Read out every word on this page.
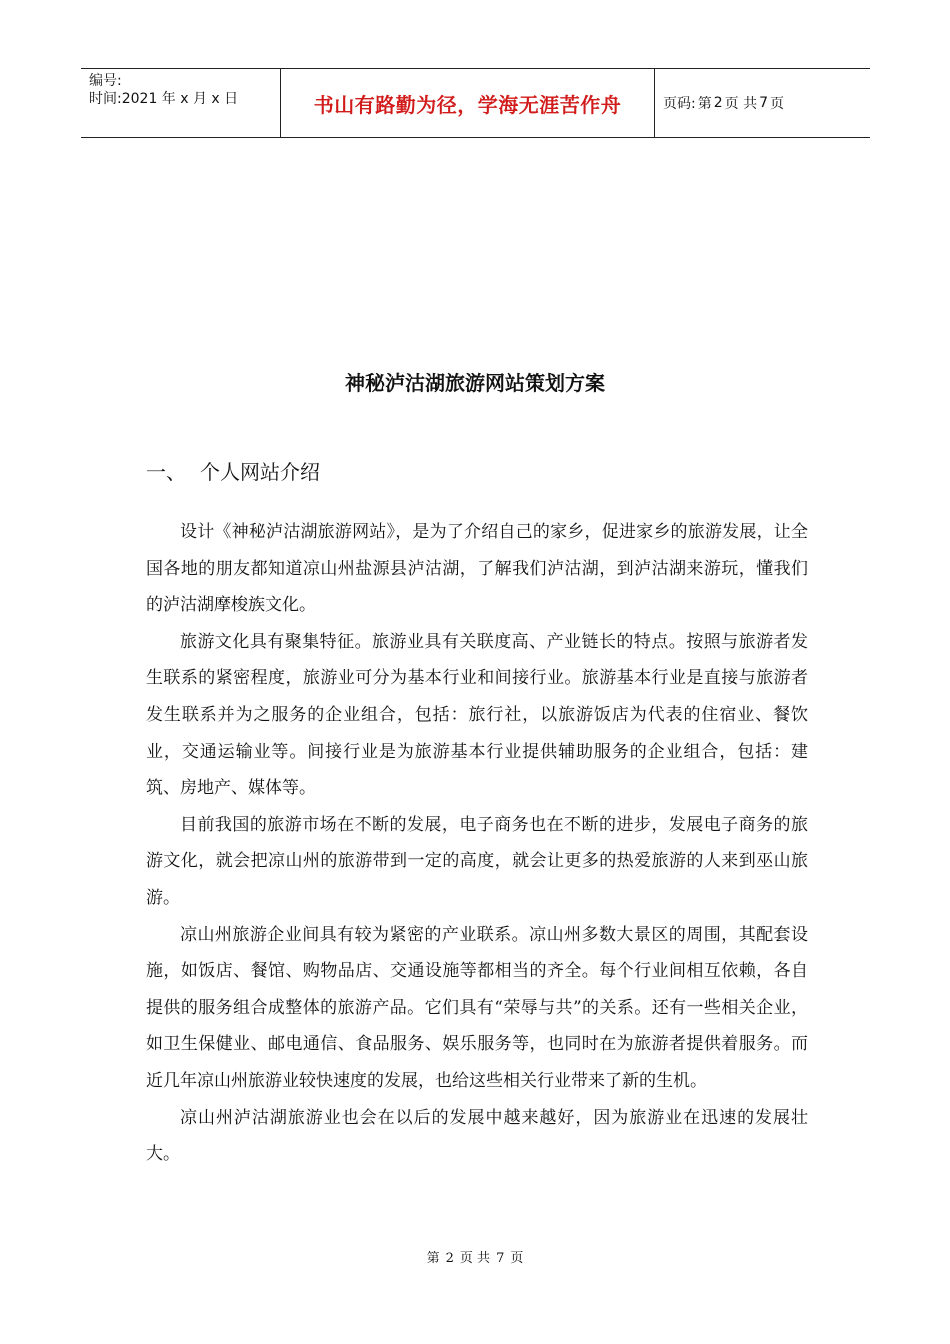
编号:
时间:2021 年 x 月 x 日	书山有路勤为径，学海无涯苦作舟	页码: 第 2 页 共 7 页
神秘泸沽湖旅游网站策划方案
一、 个人网站介绍

设计《神秘泸沽湖旅游网站》，是为了介绍自己的家乡，促进家乡的旅游发展，让全国各地的朋友都知道凉山州盐源县泸沽湖，了解我们泸沽湖，到泸沽湖来游玩，懂我们的泸沽湖摩梭族文化。

旅游文化具有聚集特征。旅游业具有关联度高、产业链长的特点。按照与旅游者发生联系的紧密程度，旅游业可分为基本行业和间接行业。旅游基本行业是直接与旅游者发生联系并为之服务的企业组合，包括：旅行社，以旅游饭店为代表的住宿业、餐饮业，交通运输业等。间接行业是为旅游基本行业提供辅助服务的企业组合，包括：建筑、房地产、媒体等。

目前我国的旅游市场在不断的发展，电子商务也在不断的进步，发展电子商务的旅游文化，就会把凉山州的旅游带到一定的高度，就会让更多的热爱旅游的人来到巫山旅游。

凉山州旅游企业间具有较为紧密的产业联系。凉山州多数大景区的周围，其配套设施，如饭店、餐馆、购物品店、交通设施等都相当的齐全。每个行业间相互依赖，各自提供的服务组合成整体的旅游产品。它们具有“荣辱与共”的关系。还有一些相关企业，如卫生保健业、邮电通信、食品服务、娱乐服务等，也同时在为旅游者提供着服务。而近几年凉山州旅游业较快速度的发展，也给这些相关行业带来了新的生机。

凉山州泸沽湖旅游业也会在以后的发展中越来越好，因为旅游业在迅速的发展壮大。

第 2 页 共 7 页
